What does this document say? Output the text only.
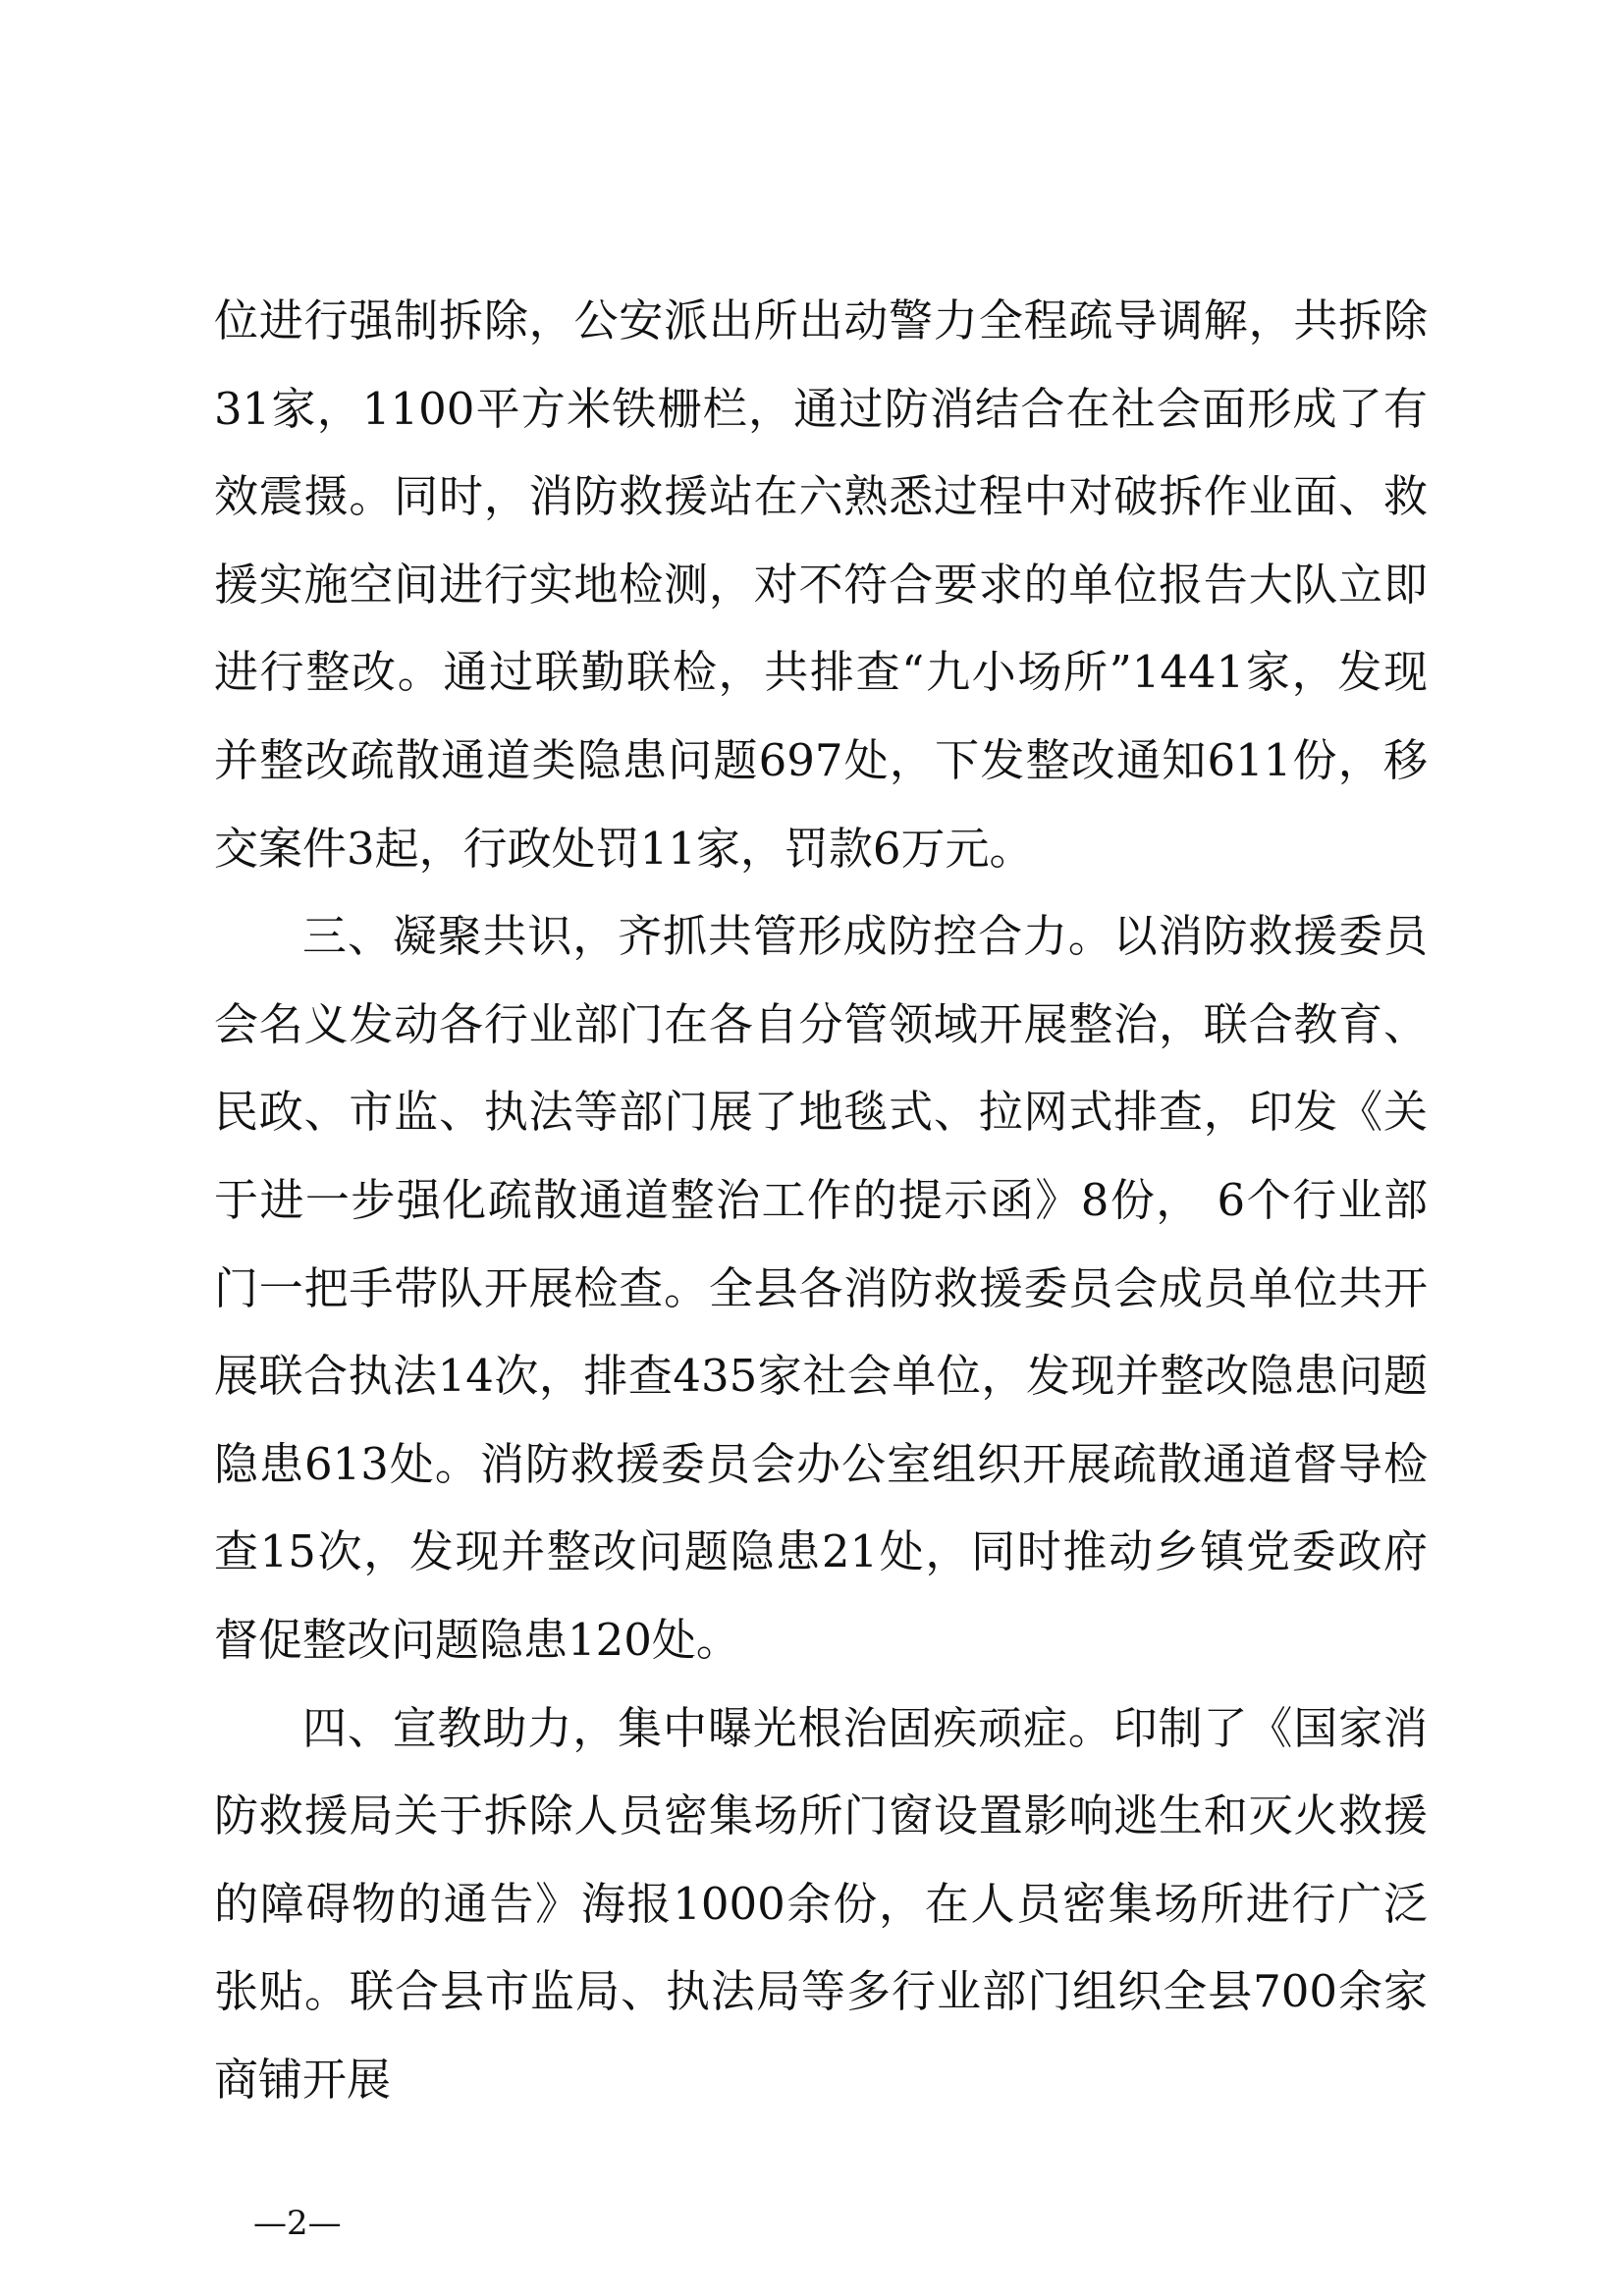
位进行强制拆除，公安派出所出动警力全程疏导调解，共拆除31家，1100平方米铁栅栏，通过防消结合在社会面形成了有效震摄。同时，消防救援站在六熟悉过程中对破拆作业面、救援实施空间进行实地检测，对不符合要求的单位报告大队立即进行整改。通过联勤联检，共排查“九小场所”1441家，发现并整改疏散通道类隐患问题697处，下发整改通知611份，移交案件3起，行政处罚11家，罚款6万元。

三、凝聚共识，齐抓共管形成防控合力。以消防救援委员会名义发动各行业部门在各自分管领域开展整治，联合教育、民政、市监、执法等部门展了地毯式、拉网式排查，印发《关于进一步强化疏散通道整治工作的提示函》8份， 6个行业部门一把手带队开展检查。全县各消防救援委员会成员单位共开展联合执法14次，排查435家社会单位，发现并整改隐患问题隐患613处。消防救援委员会办公室组织开展疏散通道督导检查15次，发现并整改问题隐患21处，同时推动乡镇党委政府督促整改问题隐患120处。

四、宣教助力，集中曝光根治固疾顽症。印制了《国家消防救援局关于拆除人员密集场所门窗设置影响逃生和灭火救援的障碍物的通告》海报1000余份，在人员密集场所进行广泛张贴。联合县市监局、执法局等多行业部门组织全县700余家商铺开展

—2—
